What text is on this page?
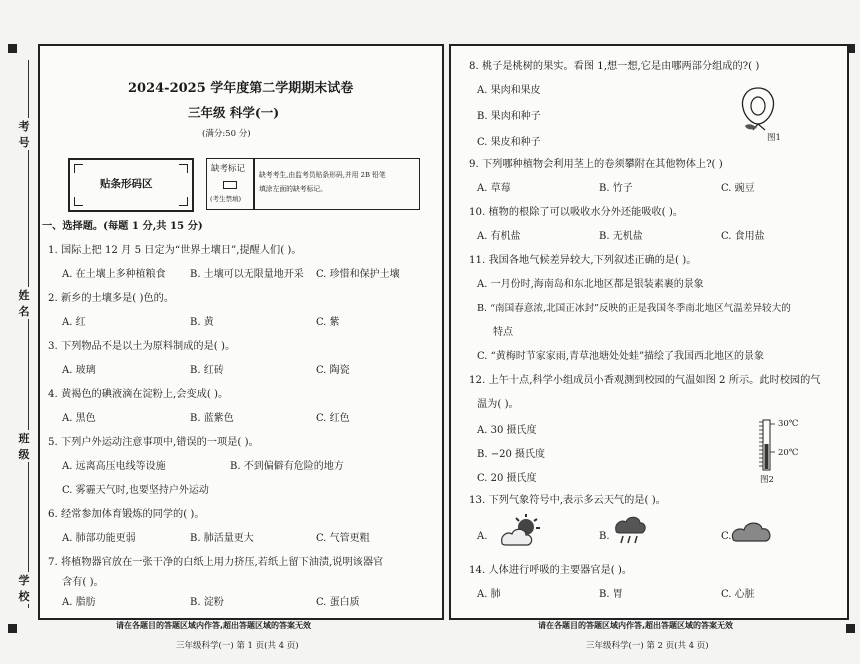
考号
姓名
班级
学校
2024-2025 学年度第二学期期末试卷
三年级 科学(一)
(满分:50 分)
贴条形码区
缺考标记
(考生禁填)
缺考考生,由监考员贴条形码,并用 2B 铅笔
填涂左面的缺考标记。
一、选择题。(每题 1 分,共 15 分)
1. 国际上把 12 月 5 日定为“世界土壤日”,提醒人们( )。
A. 在土壤上多种植粮食 B. 土壤可以无限量地开采 C. 珍惜和保护土壤
2. 新乡的土壤多是( )色的。
A. 红	B. 黄	C. 紫
3. 下列物品不是以土为原料制成的是( )。
A. 玻璃	B. 红砖	C. 陶瓷
4. 黄褐色的碘液滴在淀粉上,会变成( )。
A. 黑色	B. 蓝紫色	C. 红色
5. 下列户外运动注意事项中,错误的一项是( )。
A. 远离高压电线等设施	B. 不到偏僻有危险的地方
C. 雾霾天气时,也要坚持户外运动
6. 经常参加体育锻炼的同学的( )。
A. 肺部功能更弱	B. 肺活量更大	C. 气管更粗
7. 将植物器官放在一张干净的白纸上用力挤压,若纸上留下油渍,说明该器官
含有( )。
A. 脂肪	B. 淀粉	C. 蛋白质
请在各题目的答题区域内作答,超出答题区域的答案无效
三年级科学(一) 第 1 页(共 4 页)
8. 桃子是桃树的果实。看图 1,想一想,它是由哪两部分组成的?( )
A. 果肉和果皮
B. 果肉和种子
C. 果皮和种子	图1
9. 下列哪种植物会利用茎上的卷须攀附在其他物体上?( )
A. 草莓	B. 竹子	C. 豌豆
10. 植物的根除了可以吸收水分外还能吸收( )。
A. 有机盐	B. 无机盐	C. 食用盐
11. 我国各地气候差异较大,下列叙述正确的是( )。
A. 一月份时,海南岛和东北地区都是银装素裹的景象
B. “南国春意浓,北国正冰封”反映的正是我国冬季南北地区气温差异较大的
特点
C. “黄梅时节家家雨,青草池塘处处蛙”描绘了我国西北地区的景象
12. 上午十点,科学小组成员小香观测到校园的气温如图 2 所示。此时校园的气
温为( )。
A. 30 摄氏度
B. −20 摄氏度
C. 20 摄氏度
13. 下列气象符号中,表示多云天气的是( )。
A.	B.	C.
14. 人体进行呼吸的主要器官是( )。
A. 肺	B. 胃	C. 心脏
30℃
20℃
图2
请在各题目的答题区域内作答,超出答题区域的答案无效
三年级科学(一) 第 2 页(共 4 页)
